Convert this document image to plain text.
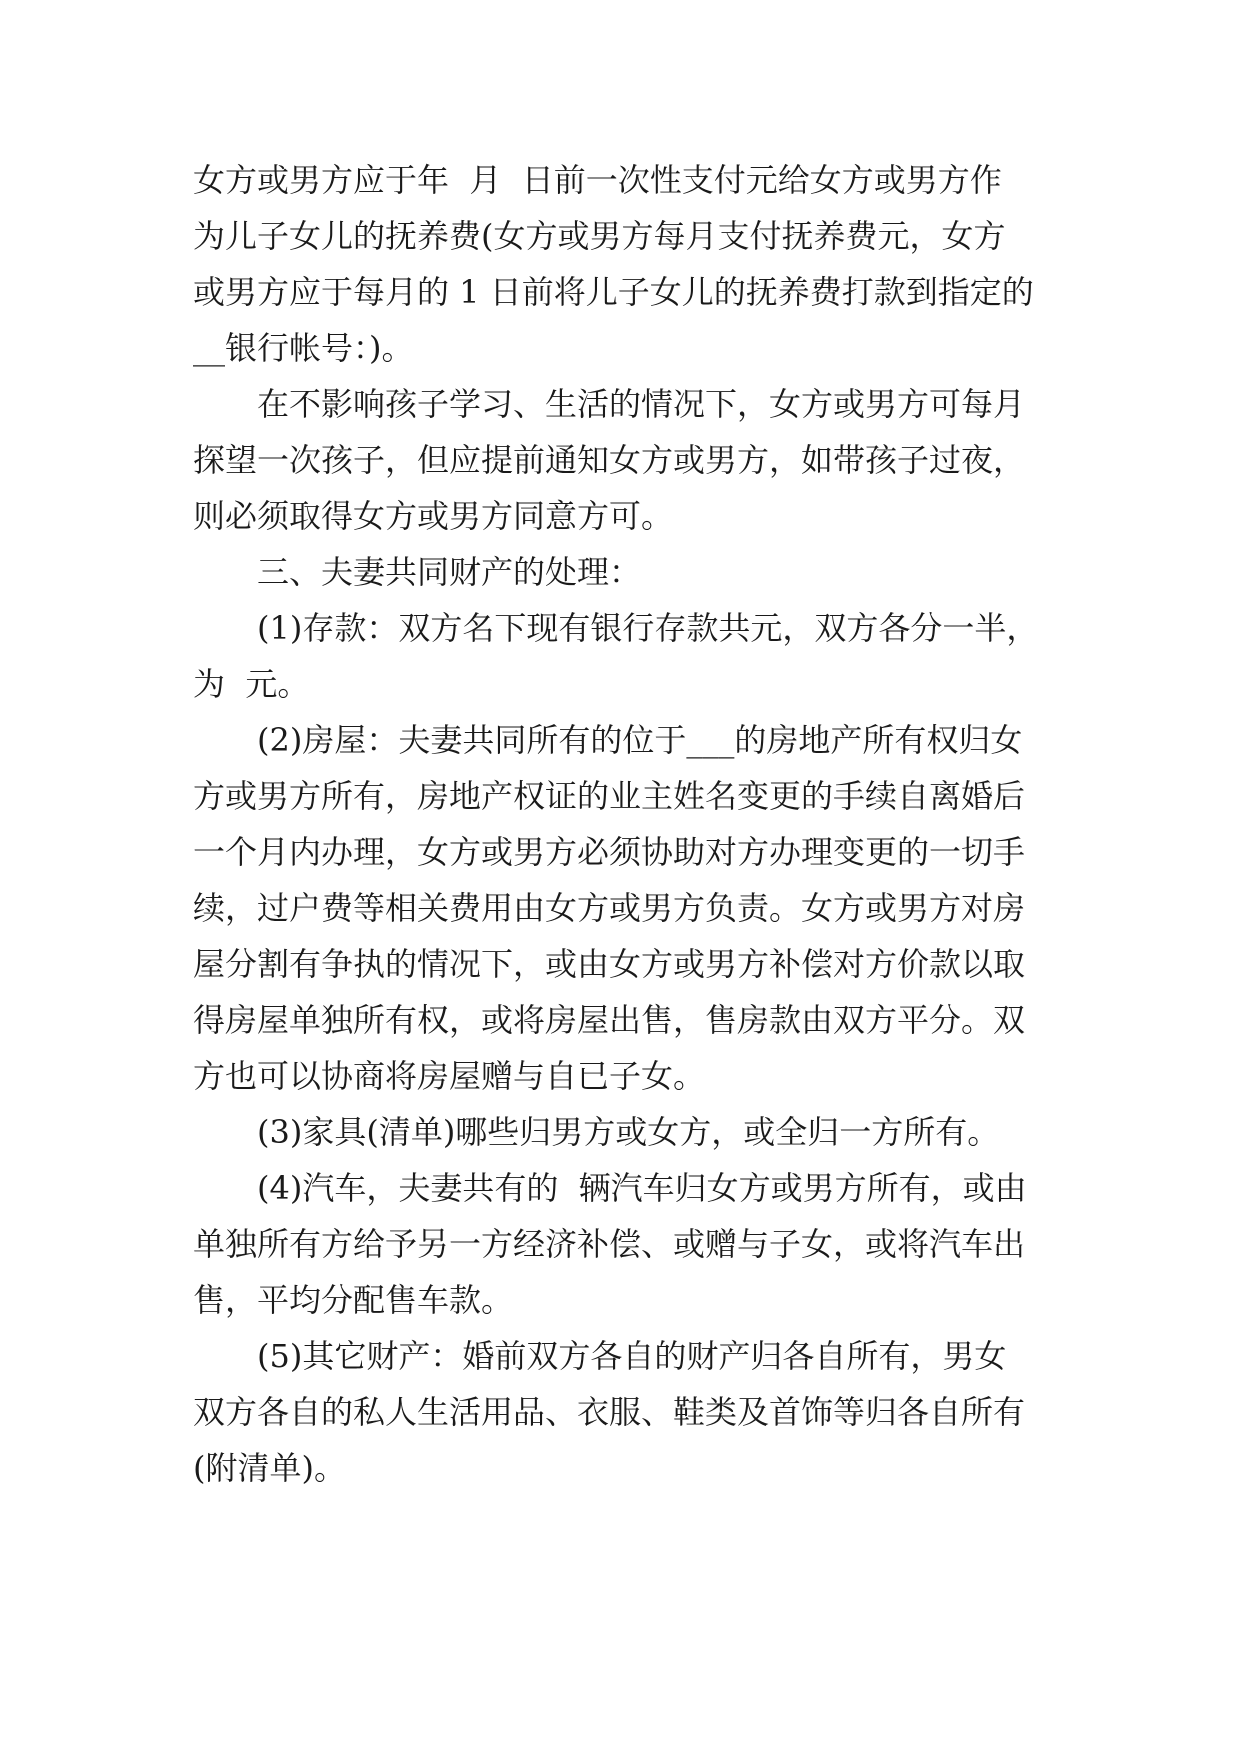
女方或男方应于年  月  日前一次性支付元给女方或男方作

为儿子女儿的抚养费(女方或男方每月支付抚养费元，女方

或男方应于每月的 1 日前将儿子女儿的抚养费打款到指定的

__银行帐号：)。

在不影响孩子学习、生活的情况下，女方或男方可每月

探望一次孩子，但应提前通知女方或男方，如带孩子过夜，

则必须取得女方或男方同意方可。

三、夫妻共同财产的处理：

(1)存款：双方名下现有银行存款共元，双方各分一半，

为  元。

(2)房屋：夫妻共同所有的位于___的房地产所有权归女

方或男方所有，房地产权证的业主姓名变更的手续自离婚后

一个月内办理，女方或男方必须协助对方办理变更的一切手

续，过户费等相关费用由女方或男方负责。女方或男方对房

屋分割有争执的情况下，或由女方或男方补偿对方价款以取

得房屋单独所有权，或将房屋出售，售房款由双方平分。双

方也可以协商将房屋赠与自已子女。

(3)家具(清单)哪些归男方或女方，或全归一方所有。

(4)汽车，夫妻共有的  辆汽车归女方或男方所有，或由

单独所有方给予另一方经济补偿、或赠与子女，或将汽车出

售，平均分配售车款。

(5)其它财产：婚前双方各自的财产归各自所有，男女

双方各自的私人生活用品、衣服、鞋类及首饰等归各自所有

(附清单)。
